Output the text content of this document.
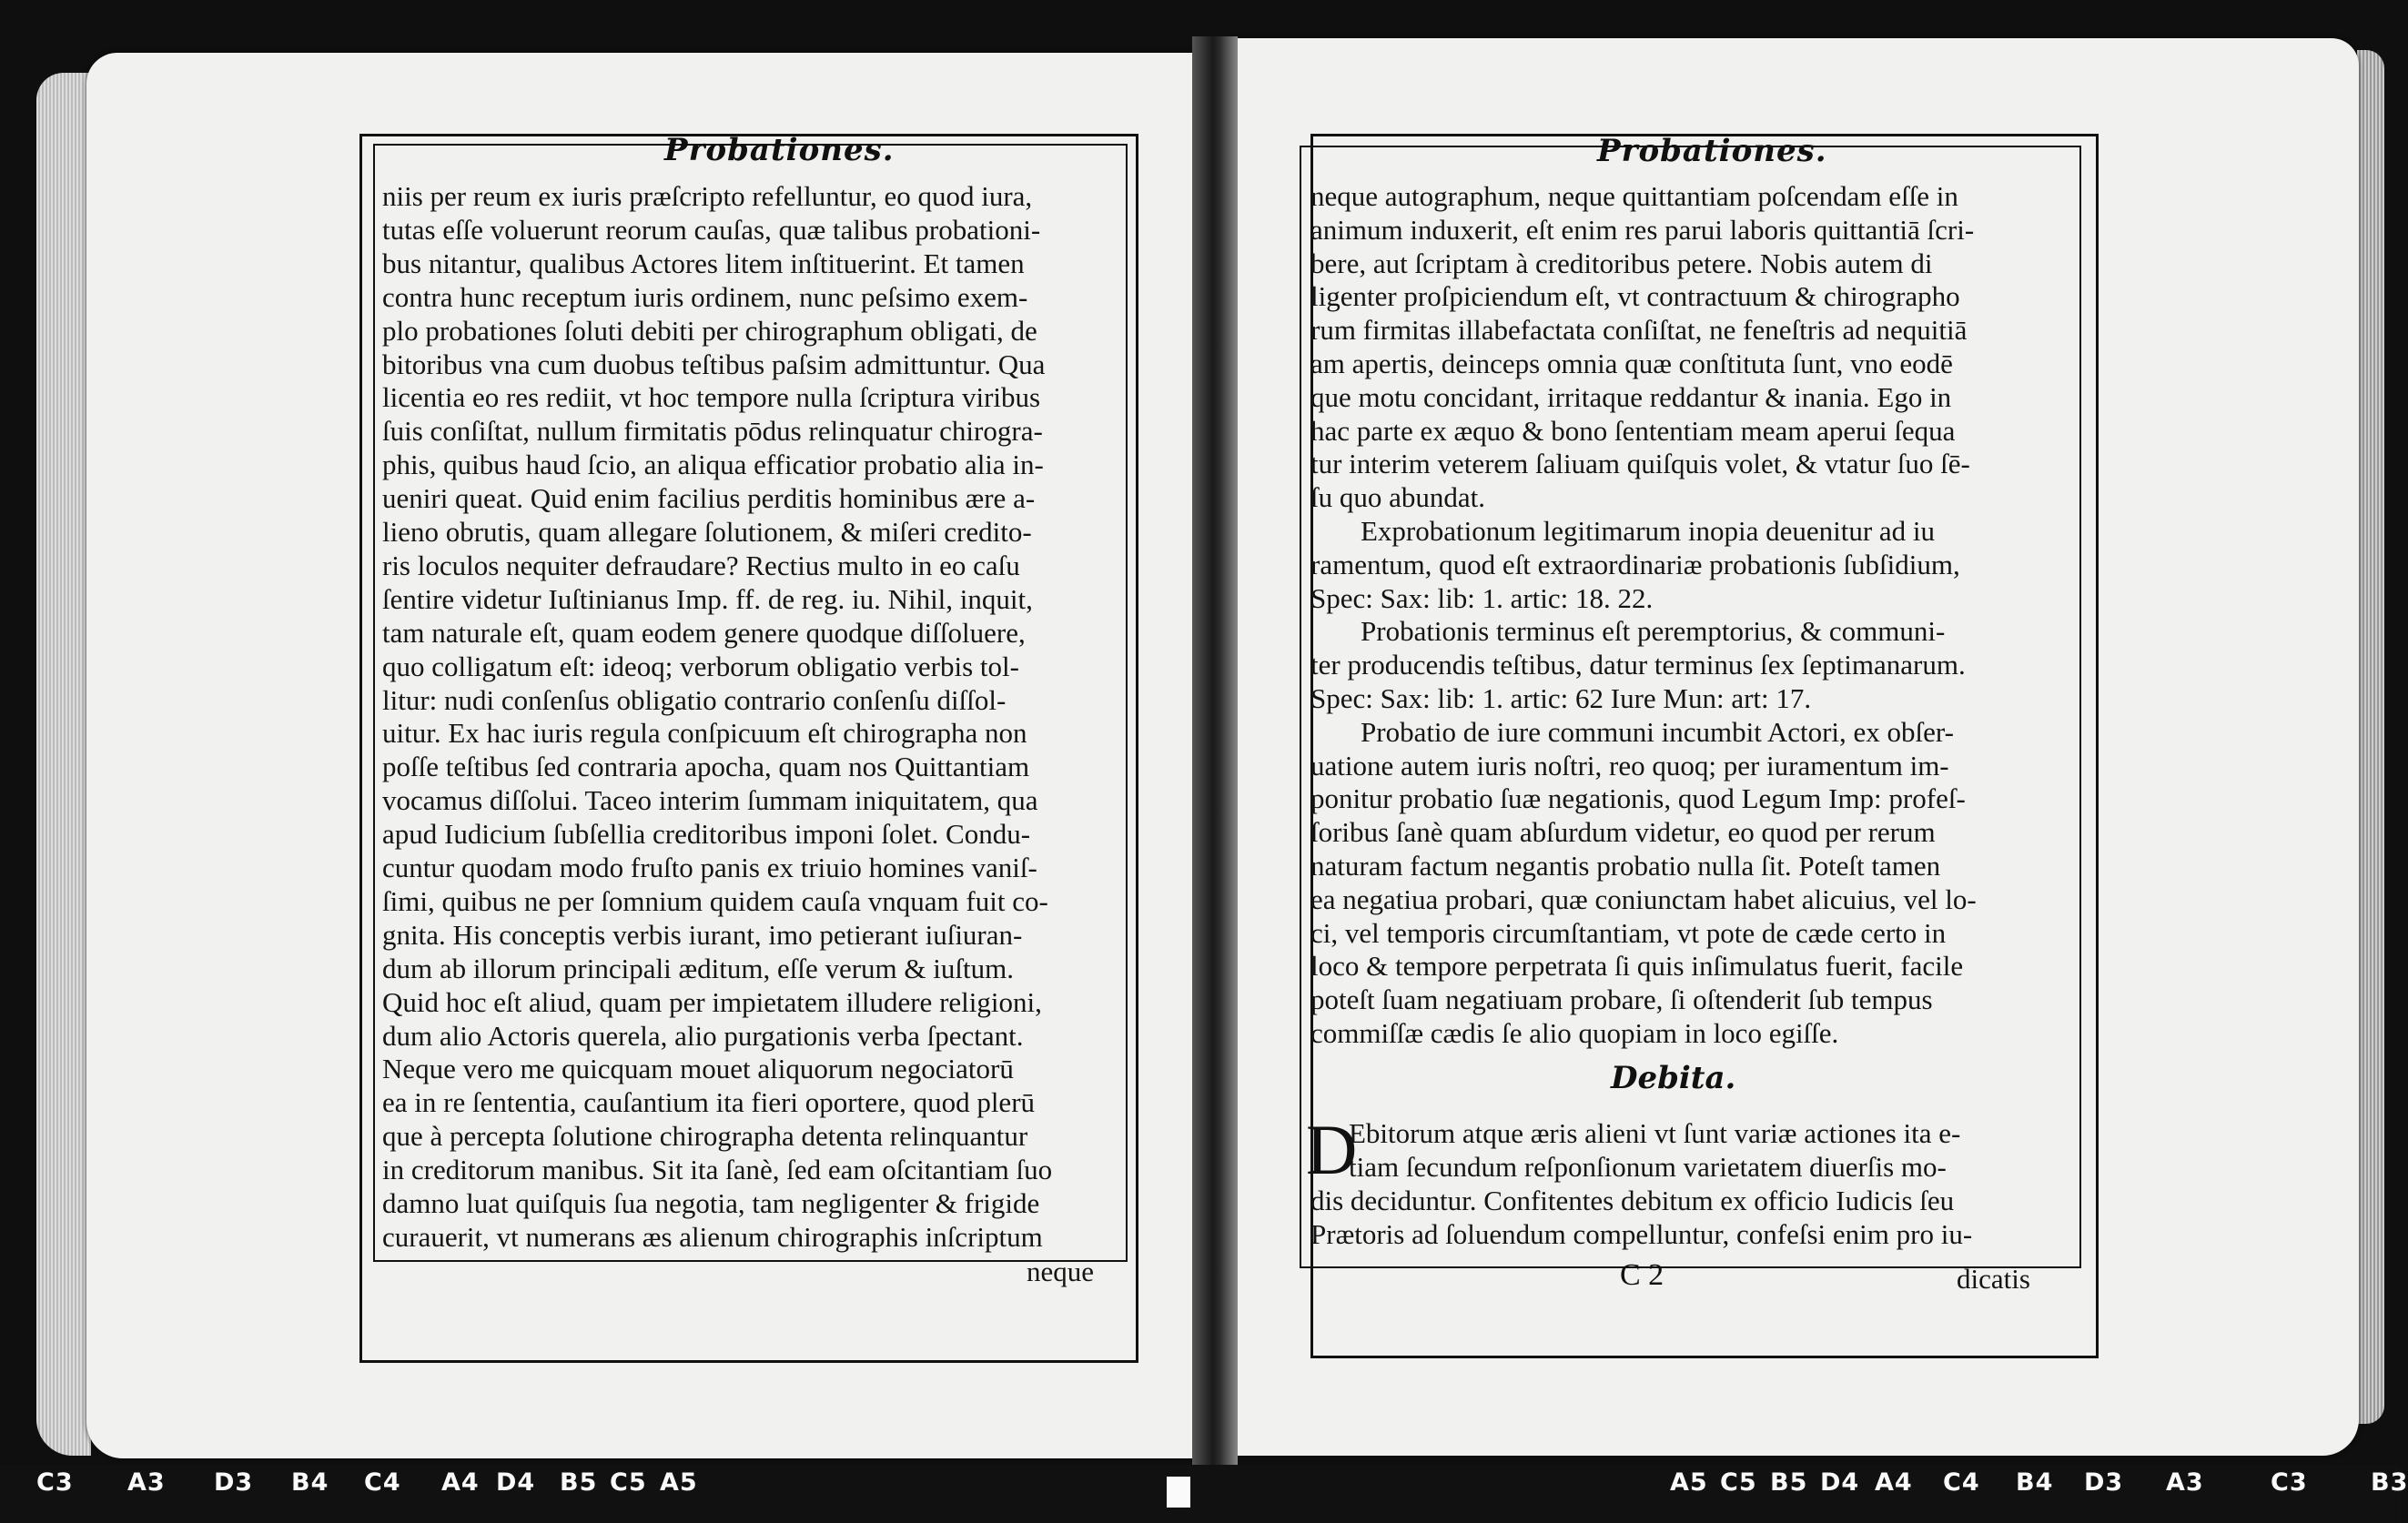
Probationes.	Probationes.
niis per reum ex iuris præſcripto refelluntur, eo quod iura,
tutas eſſe voluerunt reorum cauſas, quæ talibus probationi-
bus nitantur, qualibus Actores litem inſtituerint. Et tamen
contra hunc receptum iuris ordinem, nunc peſsimo exem-
plo probationes ſoluti debiti per chirographum obligati, de
bitoribus vna cum duobus teſtibus paſsim admittuntur. Qua
licentia eo res rediit, vt hoc tempore nulla ſcriptura viribus
ſuis conſiſtat, nullum firmitatis pōdus relinquatur chirogra-
phis, quibus haud ſcio, an aliqua efficatior probatio alia in-
ueniri queat. Quid enim facilius perditis hominibus ære a-
lieno obrutis, quam allegare ſolutionem, & miſeri credito-
ris loculos nequiter defraudare? Rectius multo in eo caſu
ſentire videtur Iuſtinianus Imp. ff. de reg. iu. Nihil, inquit,
tam naturale eſt, quam eodem genere quodque diſſoluere,
quo colligatum eſt: ideoq; verborum obligatio verbis tol-
litur: nudi conſenſus obligatio contrario conſenſu diſſol-
uitur. Ex hac iuris regula conſpicuum eſt chirographa non
poſſe teſtibus ſed contraria apocha, quam nos Quittantiam
vocamus diſſolui. Taceo interim ſummam iniquitatem, qua
apud Iudicium ſubſellia creditoribus imponi ſolet. Condu-
cuntur quodam modo fruſto panis ex triuio homines vaniſ-
ſimi, quibus ne per ſomnium quidem cauſa vnquam fuit co-
gnita. His conceptis verbis iurant, imo petierant iuſiuran-
dum ab illorum principali æditum, eſſe verum & iuſtum.
Quid hoc eſt aliud, quam per impietatem illudere religioni,
dum alio Actoris querela, alio purgationis verba ſpectant.
Neque vero me quicquam mouet aliquorum negociatorū
ea in re ſententia, cauſantium ita fieri oportere, quod plerū
que à percepta ſolutione chirographa detenta relinquantur
in creditorum manibus. Sit ita ſanè, ſed eam oſcitantiam ſuo
damno luat quiſquis ſua negotia, tam negligenter & frigide
curauerit, vt numerans æs alienum chirographis inſcriptum
neque autographum, neque quittantiam poſcendam eſſe in
animum induxerit, eſt enim res parui laboris quittantiā ſcri-
bere, aut ſcriptam à creditoribus petere. Nobis autem di
ligenter proſpiciendum eſt, vt contractuum & chirographo
rum firmitas illabefactata conſiſtat, ne feneſtris ad nequitiā
am apertis, deinceps omnia quæ conſtituta ſunt, vno eodē
que motu concidant, irritaque reddantur & inania. Ego in
hac parte ex æquo & bono ſententiam meam aperui ſequa
tur interim veterem ſaliuam quiſquis volet, & vtatur ſuo ſē-
ſu quo abundat.
Exprobationum legitimarum inopia deuenitur ad iu
ramentum, quod eſt extraordinariæ probationis ſubſidium,
Spec: Sax: lib: 1. artic: 18. 22.
Probationis terminus eſt peremptorius, & communi-
ter producendis teſtibus, datur terminus ſex ſeptimanarum.
Spec: Sax: lib: 1. artic: 62 Iure Mun: art: 17.
Probatio de iure communi incumbit Actori, ex obſer-
uatione autem iuris noſtri, reo quoq; per iuramentum im-
ponitur probatio ſuæ negationis, quod Legum Imp: profeſ-
ſoribus ſanè quam abſurdum videtur, eo quod per rerum
naturam factum negantis probatio nulla ſit. Poteſt tamen
ea negatiua probari, quæ coniunctam habet alicuius, vel lo-
ci, vel temporis circumſtantiam, vt pote de cæde certo in
loco & tempore perpetrata ſi quis inſimulatus fuerit, facile
poteſt ſuam negatiuam probare, ſi oſtenderit ſub tempus
commiſſæ cædis ſe alio quopiam in loco egiſſe.
Ebitorum atque æris alieni vt ſunt variæ actiones ita e-
tiam ſecundum reſponſionum varietatem diuerſis mo-
dis deciduntur. Confitentes debitum ex officio Iudicis ſeu
Prætoris ad ſoluendum compelluntur, confeſsi enim pro iu-
Debita.
D
neque	C 2	dicatis
C3 A3 D3 B4 C4 A4 D4 B5 C5 A5	A5 C5 B5 D4 A4 C4 B4 D3 A3	C3	B3
